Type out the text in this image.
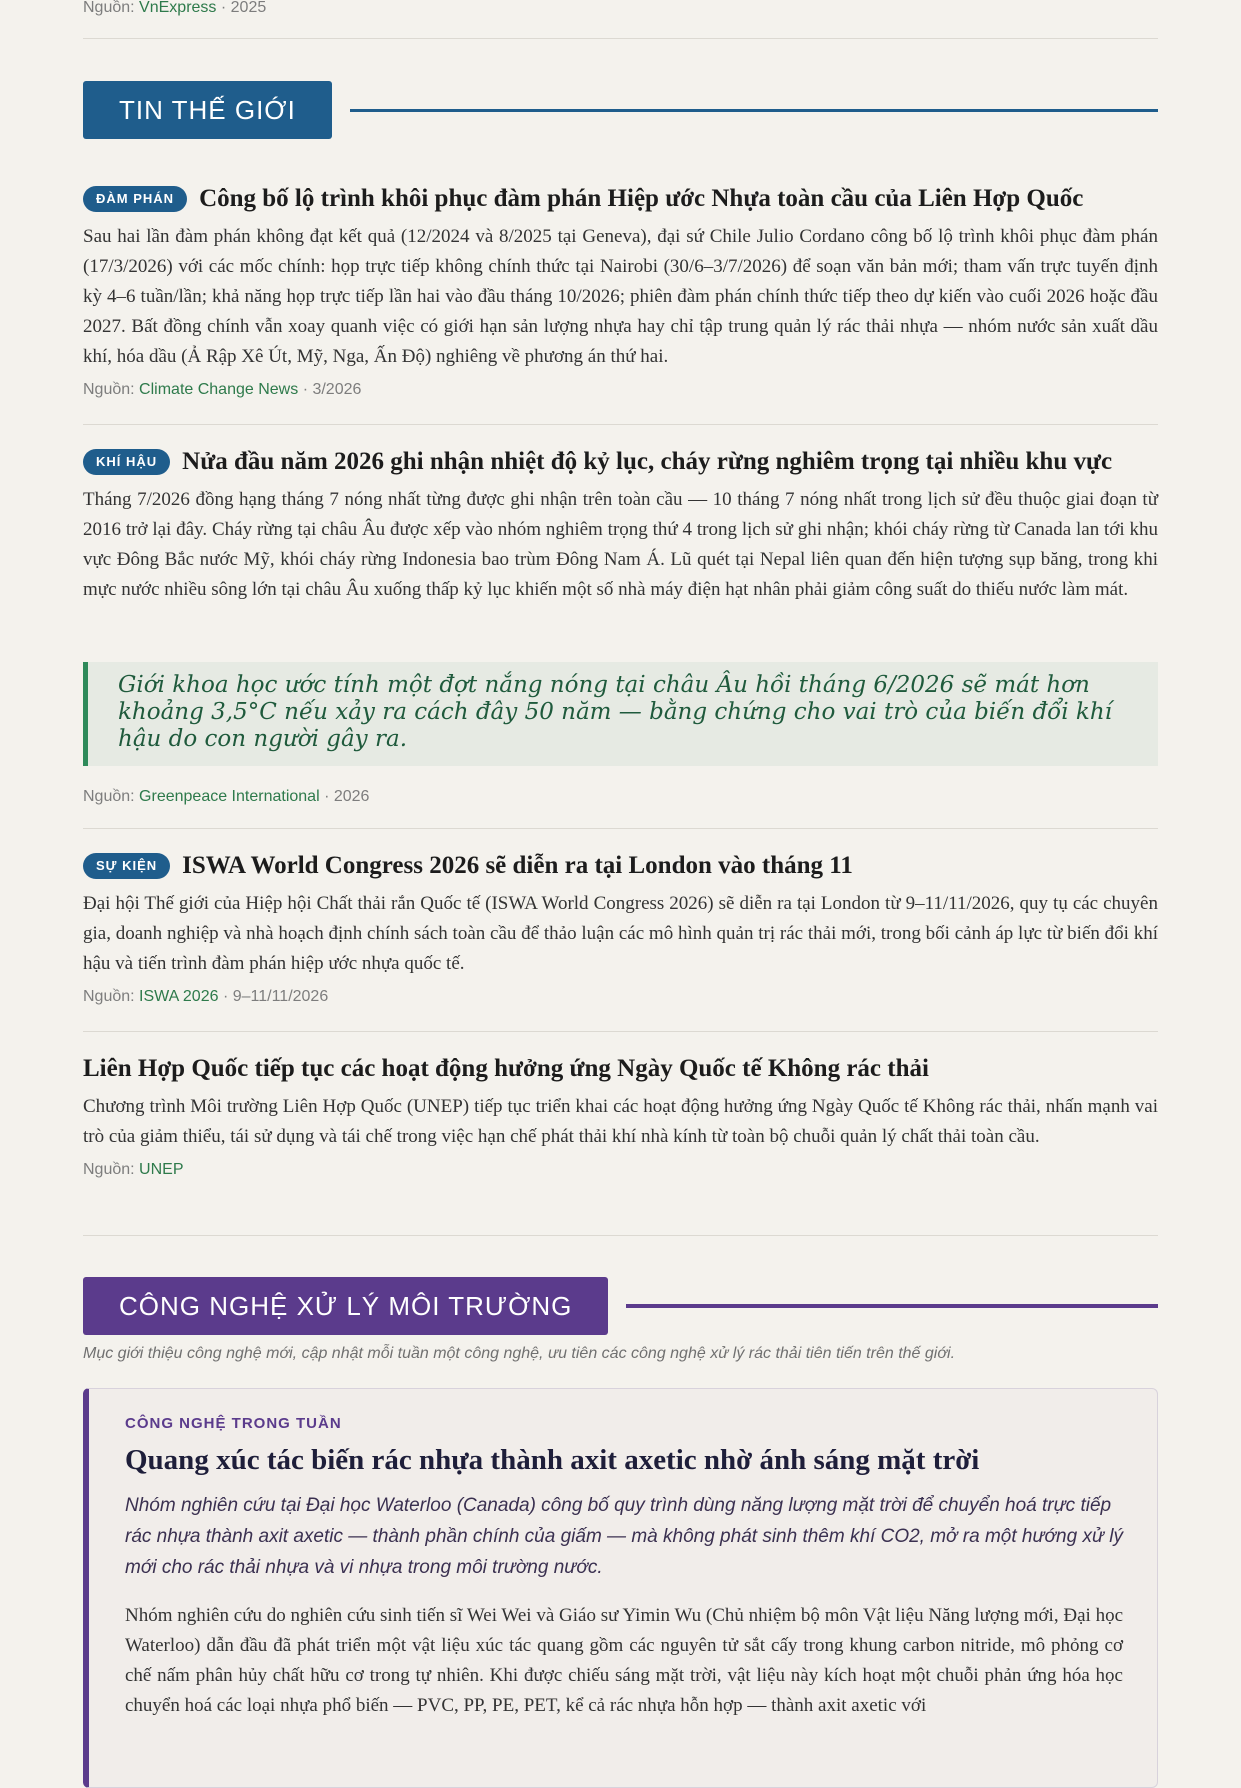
Nguồn: VnExpress · 2025
TIN THẾ GIỚI
ĐÀM PHÁN	Công bố lộ trình khôi phục đàm phán Hiệp ước Nhựa toàn cầu của Liên Hợp Quốc
Sau hai lần đàm phán không đạt kết quả (12/2024 và 8/2025 tại Geneva), đại sứ Chile Julio Cordano công bố lộ trình khôi phục đàm phán (17/3/2026) với các mốc chính: họp trực tiếp không chính thức tại Nairobi (30/6–3/7/2026) để soạn văn bản mới; tham vấn trực tuyến định kỳ 4–6 tuần/lần; khả năng họp trực tiếp lần hai vào đầu tháng 10/2026; phiên đàm phán chính thức tiếp theo dự kiến vào cuối 2026 hoặc đầu 2027. Bất đồng chính vẫn xoay quanh việc có giới hạn sản lượng nhựa hay chỉ tập trung quản lý rác thải nhựa — nhóm nước sản xuất dầu khí, hóa dầu (Ả Rập Xê Út, Mỹ, Nga, Ấn Độ) nghiêng về phương án thứ hai.
Nguồn: Climate Change News · 3/2026
KHÍ HẬU	Nửa đầu năm 2026 ghi nhận nhiệt độ kỷ lục, cháy rừng nghiêm trọng tại nhiều khu vực
Tháng 7/2026 đồng hạng tháng 7 nóng nhất từng được ghi nhận trên toàn cầu — 10 tháng 7 nóng nhất trong lịch sử đều thuộc giai đoạn từ 2016 trở lại đây. Cháy rừng tại châu Âu được xếp vào nhóm nghiêm trọng thứ 4 trong lịch sử ghi nhận; khói cháy rừng từ Canada lan tới khu vực Đông Bắc nước Mỹ, khói cháy rừng Indonesia bao trùm Đông Nam Á. Lũ quét tại Nepal liên quan đến hiện tượng sụp băng, trong khi mực nước nhiều sông lớn tại châu Âu xuống thấp kỷ lục khiến một số nhà máy điện hạt nhân phải giảm công suất do thiếu nước làm mát.
Giới khoa học ước tính một đợt nắng nóng tại châu Âu hồi tháng 6/2026 sẽ mát hơn khoảng 3,5°C nếu xảy ra cách đây 50 năm — bằng chứng cho vai trò của biến đổi khí hậu do con người gây ra.
Nguồn: Greenpeace International · 2026
SỰ KIỆN	ISWA World Congress 2026 sẽ diễn ra tại London vào tháng 11
Đại hội Thế giới của Hiệp hội Chất thải rắn Quốc tế (ISWA World Congress 2026) sẽ diễn ra tại London từ 9–11/11/2026, quy tụ các chuyên gia, doanh nghiệp và nhà hoạch định chính sách toàn cầu để thảo luận các mô hình quản trị rác thải mới, trong bối cảnh áp lực từ biến đổi khí hậu và tiến trình đàm phán hiệp ước nhựa quốc tế.
Nguồn: ISWA 2026 · 9–11/11/2026
Liên Hợp Quốc tiếp tục các hoạt động hưởng ứng Ngày Quốc tế Không rác thải
Chương trình Môi trường Liên Hợp Quốc (UNEP) tiếp tục triển khai các hoạt động hưởng ứng Ngày Quốc tế Không rác thải, nhấn mạnh vai trò của giảm thiểu, tái sử dụng và tái chế trong việc hạn chế phát thải khí nhà kính từ toàn bộ chuỗi quản lý chất thải toàn cầu.
Nguồn: UNEP
CÔNG NGHỆ XỬ LÝ MÔI TRƯỜNG
Mục giới thiệu công nghệ mới, cập nhật mỗi tuần một công nghệ, ưu tiên các công nghệ xử lý rác thải tiên tiến trên thế giới.
CÔNG NGHỆ TRONG TUẦN
Quang xúc tác biến rác nhựa thành axit axetic nhờ ánh sáng mặt trời
Nhóm nghiên cứu tại Đại học Waterloo (Canada) công bố quy trình dùng năng lượng mặt trời để chuyển hoá trực tiếp rác nhựa thành axit axetic — thành phần chính của giấm — mà không phát sinh thêm khí CO2, mở ra một hướng xử lý mới cho rác thải nhựa và vi nhựa trong môi trường nước.
Nhóm nghiên cứu do nghiên cứu sinh tiến sĩ Wei Wei và Giáo sư Yimin Wu (Chủ nhiệm bộ môn Vật liệu Năng lượng mới, Đại học Waterloo) dẫn đầu đã phát triển một vật liệu xúc tác quang gồm các nguyên tử sắt cấy trong khung carbon nitride, mô phỏng cơ chế nấm phân hủy chất hữu cơ trong tự nhiên. Khi được chiếu sáng mặt trời, vật liệu này kích hoạt một chuỗi phản ứng hóa học chuyển hoá các loại nhựa phổ biến — PVC, PP, PE, PET, kể cả rác nhựa hỗn hợp — thành axit axetic với
